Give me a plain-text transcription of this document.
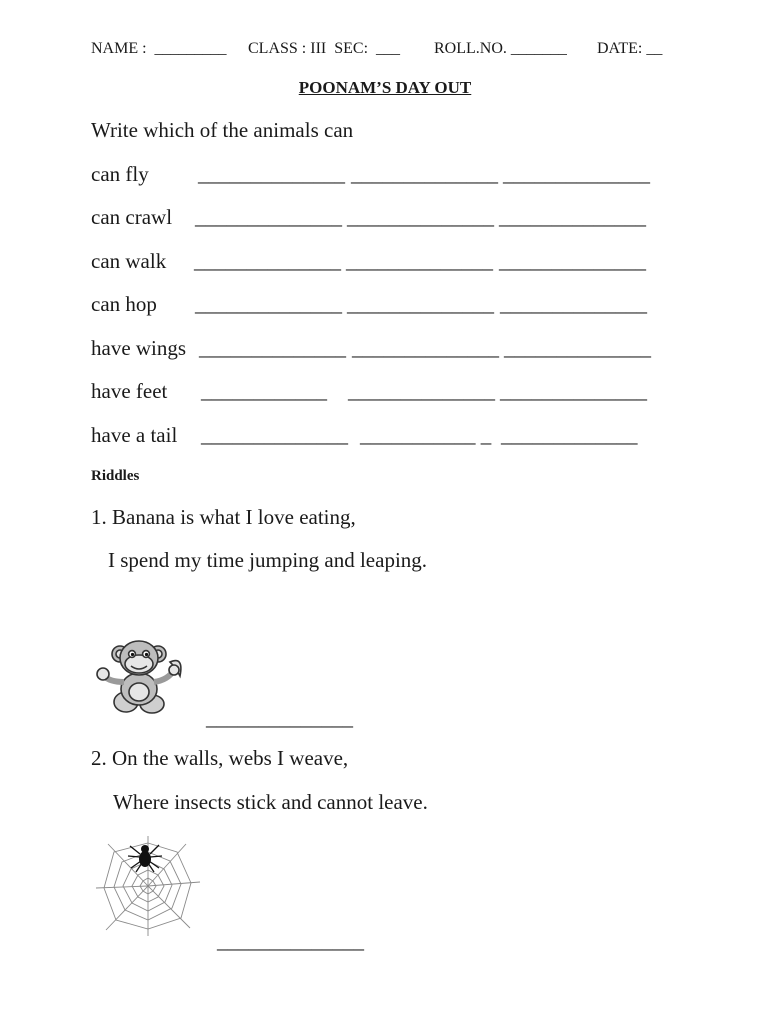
NAME :  _________ CLASS : III  SEC:  ___ ROLL.NO. _______ DATE: __
POONAM’S DAY OUT
Write which of the animals can
can fly ______________ ______________ ______________
can crawl ______________ ______________ ______________
can walk ______________ ______________ ______________
can hop ______________ ______________ ______________
have wings ______________ ______________ ______________
have feet ____________ ______________ ______________
have a tail ______________ ___________ _ _____________
Riddles
1. Banana is what I love eating,
I spend my time jumping and leaping.
______________
2. On the walls, webs I weave,
Where insects stick and cannot leave.
______________
